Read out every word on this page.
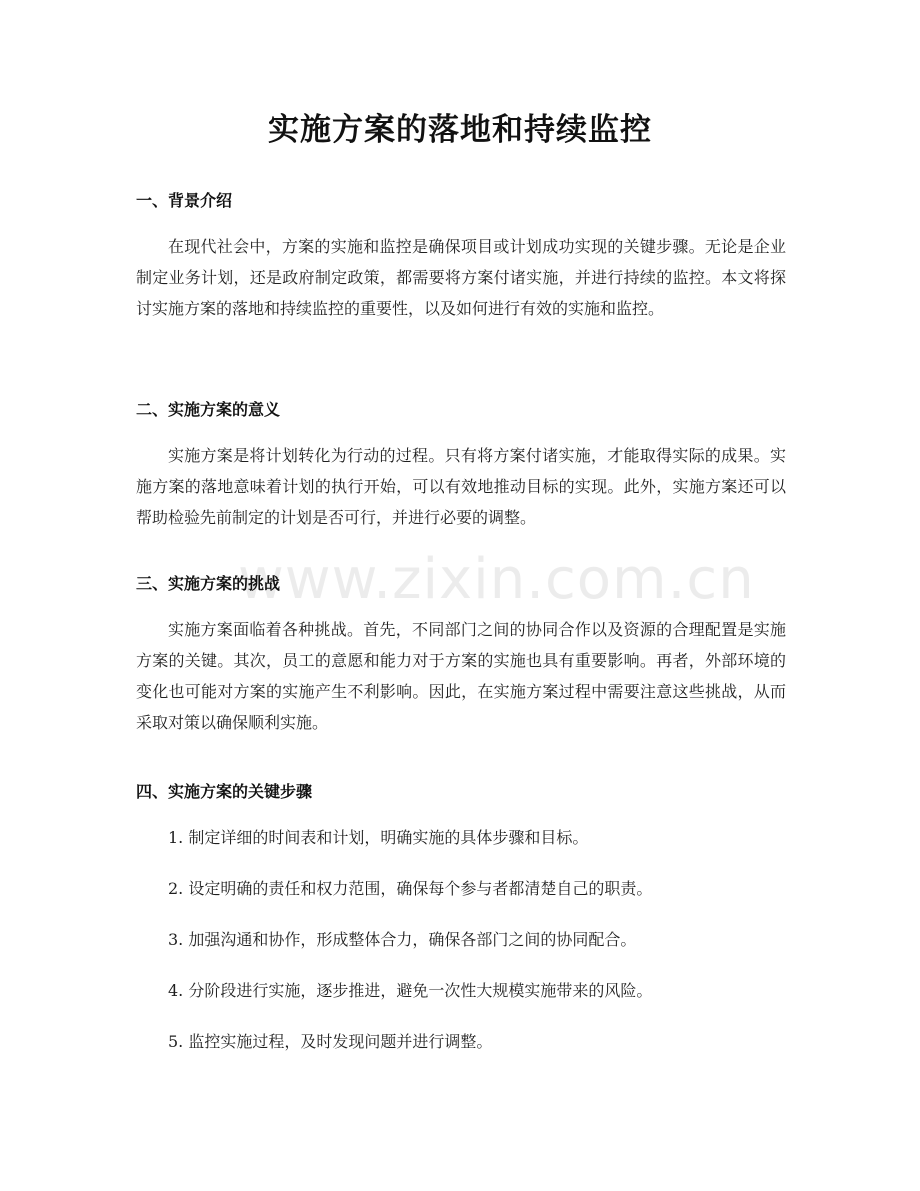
www.zixin.com.cn
实施方案的落地和持续监控
一、背景介绍

在现代社会中，方案的实施和监控是确保项目或计划成功实现的关键步骤。无论是企业制定业务计划，还是政府制定政策，都需要将方案付诸实施，并进行持续的监控。本文将探讨实施方案的落地和持续监控的重要性，以及如何进行有效的实施和监控。

二、实施方案的意义

实施方案是将计划转化为行动的过程。只有将方案付诸实施，才能取得实际的成果。实施方案的落地意味着计划的执行开始，可以有效地推动目标的实现。此外，实施方案还可以帮助检验先前制定的计划是否可行，并进行必要的调整。

三、实施方案的挑战

实施方案面临着各种挑战。首先，不同部门之间的协同合作以及资源的合理配置是实施方案的关键。其次，员工的意愿和能力对于方案的实施也具有重要影响。再者，外部环境的变化也可能对方案的实施产生不利影响。因此，在实施方案过程中需要注意这些挑战，从而采取对策以确保顺利实施。

四、实施方案的关键步骤
1. 制定详细的时间表和计划，明确实施的具体步骤和目标。
2. 设定明确的责任和权力范围，确保每个参与者都清楚自己的职责。
3. 加强沟通和协作，形成整体合力，确保各部门之间的协同配合。
4. 分阶段进行实施，逐步推进，避免一次性大规模实施带来的风险。
5. 监控实施过程，及时发现问题并进行调整。
